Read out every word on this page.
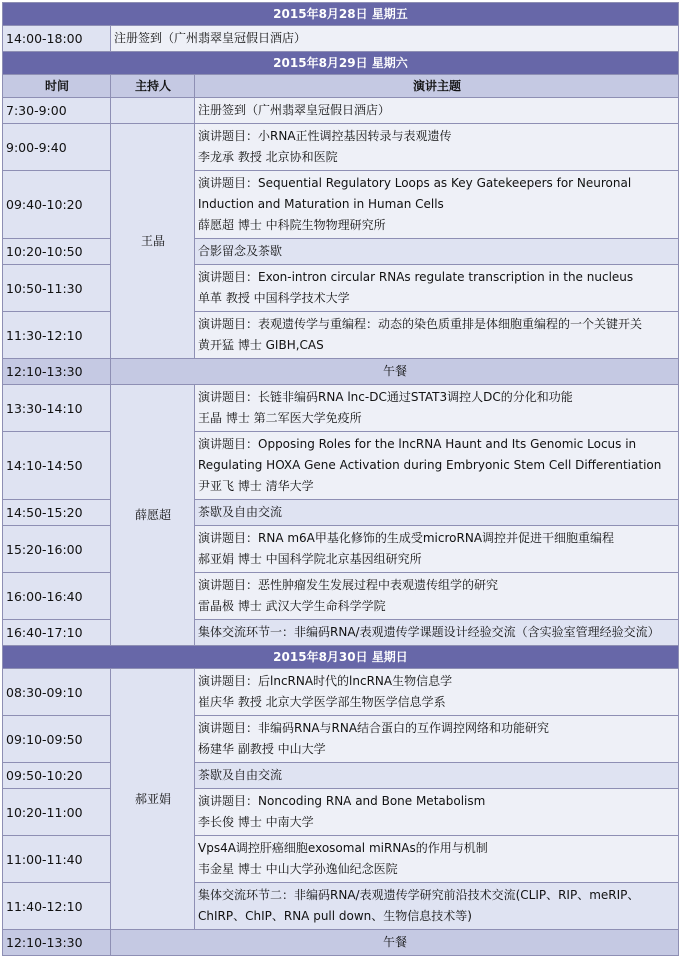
2015年8月28日 星期五		
14:00-18:00	注册签到（广州翡翠皇冠假日酒店）	

2015年8月29日 星期六		
时间	主持人	演讲主题
7:30-9:00		注册签到（广州翡翠皇冠假日酒店）
9:00-9:40	王晶	演讲题目：小RNA正性调控基因转录与表观遗传
李龙承 教授 北京协和医院

09:40-10:20		演讲题目：Sequential Regulatory Loops as Key Gatekeepers for Neuronal Induction and Maturation in Human Cells
薛愿超 博士 中科院生物物理研究所

10:20-10:50		合影留念及茶歇

10:50-11:30		演讲题目：Exon-intron circular RNAs regulate transcription in the nucleus
单革 教授 中国科学技术大学

11:30-12:10		演讲题目：表观遗传学与重编程：动态的染色质重排是体细胞重编程的一个关键开关
黄开猛 博士 GIBH,CAS

12:10-13:30	午餐	
13:30-14:10	薛愿超	演讲题目：长链非编码RNA lnc-DC通过STAT3调控人DC的分化和功能
王晶 博士 第二军医大学免疫所

14:10-14:50		演讲题目：Opposing Roles for the lncRNA Haunt and Its Genomic Locus in Regulating HOXA Gene Activation during Embryonic Stem Cell Differentiation
尹亚飞 博士 清华大学

14:50-15:20		茶歇及自由交流

15:20-16:00		演讲题目：RNA m6A甲基化修饰的生成受microRNA调控并促进干细胞重编程
郝亚娟 博士 中国科学院北京基因组研究所

16:00-16:40		演讲题目：恶性肿瘤发生发展过程中表观遗传组学的研究
雷晶极 博士 武汉大学生命科学学院

16:40-17:10		集体交流环节一：非编码RNA/表观遗传学课题设计经验交流（含实验室管理经验交流）

2015年8月30日 星期日		
08:30-09:10	郝亚娟	演讲题目：后lncRNA时代的lncRNA生物信息学
崔庆华 教授 北京大学医学部生物医学信息学系

09:10-09:50		演讲题目：非编码RNA与RNA结合蛋白的互作调控网络和功能研究
杨建华 副教授 中山大学

09:50-10:20		茶歇及自由交流

10:20-11:00		演讲题目：Noncoding RNA and Bone Metabolism
李长俊 博士 中南大学

11:00-11:40		Vps4A调控肝癌细胞exosomal miRNAs的作用与机制
韦金星 博士 中山大学孙逸仙纪念医院

11:40-12:10		集体交流环节二：非编码RNA/表观遗传学研究前沿技术交流(CLIP、RIP、meRIP、ChIRP、ChIP、RNA pull down、生物信息技术等)

12:10-13:30	午餐	
